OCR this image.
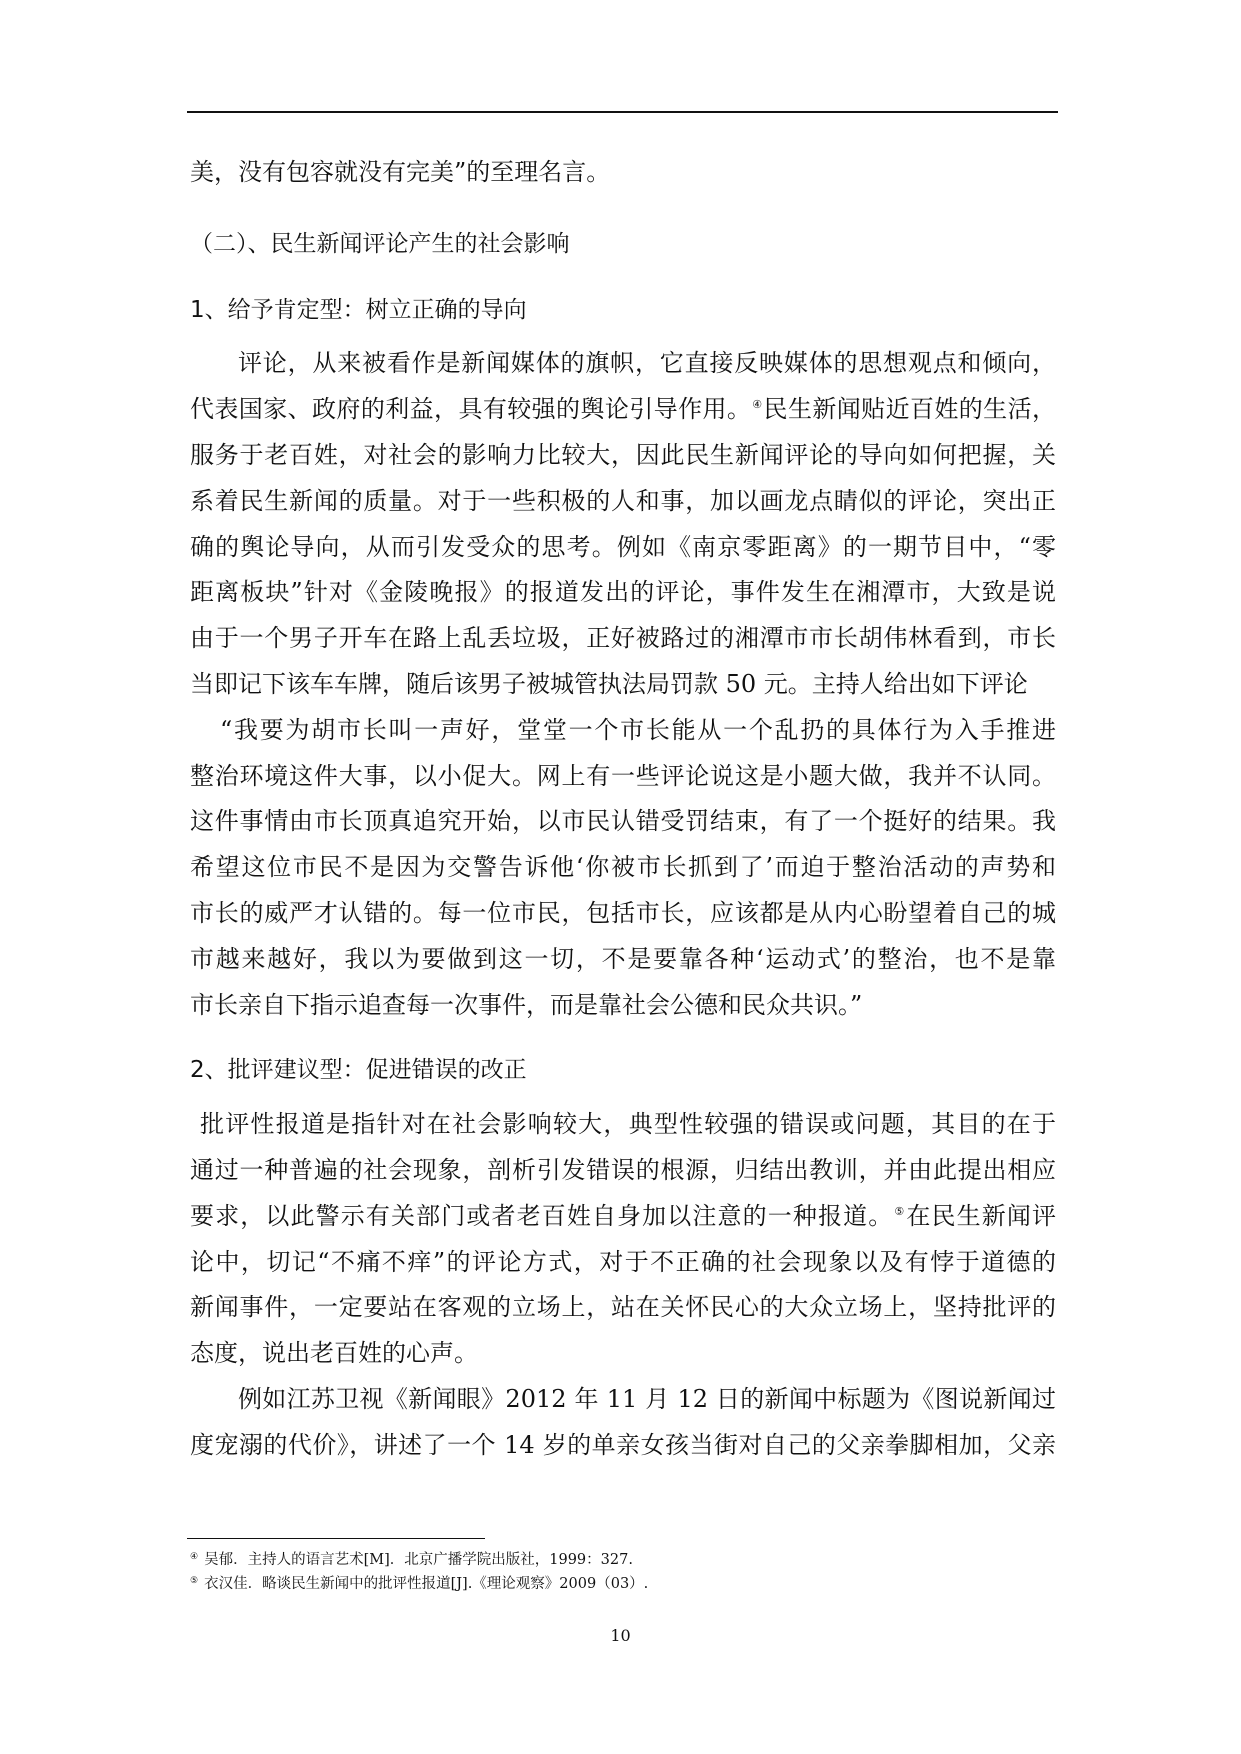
美，没有包容就没有完美”的至理名言。

（二）、民生新闻评论产生的社会影响

1、给予肯定型：树立正确的导向

评论，从来被看作是新闻媒体的旗帜，它直接反映媒体的思想观点和倾向，

代表国家、政府的利益，具有较强的舆论引导作用。④民生新闻贴近百姓的生活，

服务于老百姓，对社会的影响力比较大，因此民生新闻评论的导向如何把握，关

系着民生新闻的质量。对于一些积极的人和事，加以画龙点睛似的评论，突出正

确的舆论导向，从而引发受众的思考。例如《南京零距离》的一期节目中，“零

距离板块”针对《金陵晚报》的报道发出的评论，事件发生在湘潭市，大致是说

由于一个男子开车在路上乱丢垃圾，正好被路过的湘潭市市长胡伟林看到，市长

当即记下该车车牌，随后该男子被城管执法局罚款 50 元。主持人给出如下评论

“我要为胡市长叫一声好，堂堂一个市长能从一个乱扔的具体行为入手推进

整治环境这件大事，以小促大。网上有一些评论说这是小题大做，我并不认同。

这件事情由市长顶真追究开始，以市民认错受罚结束，有了一个挺好的结果。我

希望这位市民不是因为交警告诉他‘你被市长抓到了’而迫于整治活动的声势和

市长的威严才认错的。每一位市民，包括市长，应该都是从内心盼望着自己的城

市越来越好，我以为要做到这一切，不是要靠各种‘运动式’的整治，也不是靠

市长亲自下指示追查每一次事件，而是靠社会公德和民众共识。”

2、批评建议型：促进错误的改正

批评性报道是指针对在社会影响较大，典型性较强的错误或问题，其目的在于

通过一种普遍的社会现象，剖析引发错误的根源，归结出教训，并由此提出相应

要求，以此警示有关部门或者老百姓自身加以注意的一种报道。⑤在民生新闻评

论中，切记“不痛不痒”的评论方式，对于不正确的社会现象以及有悖于道德的

新闻事件，一定要站在客观的立场上，站在关怀民心的大众立场上，坚持批评的

态度，说出老百姓的心声。

例如江苏卫视《新闻眼》2012 年 11 月 12 日的新闻中标题为《图说新闻过

度宠溺的代价》，讲述了一个 14 岁的单亲女孩当街对自己的父亲拳脚相加，父亲

④ 吴郁．主持人的语言艺术[M]．北京广播学院出版社，1999：327.

⑤ 衣汉佳．略谈民生新闻中的批评性报道[J].《理论观察》2009（03）.

10
